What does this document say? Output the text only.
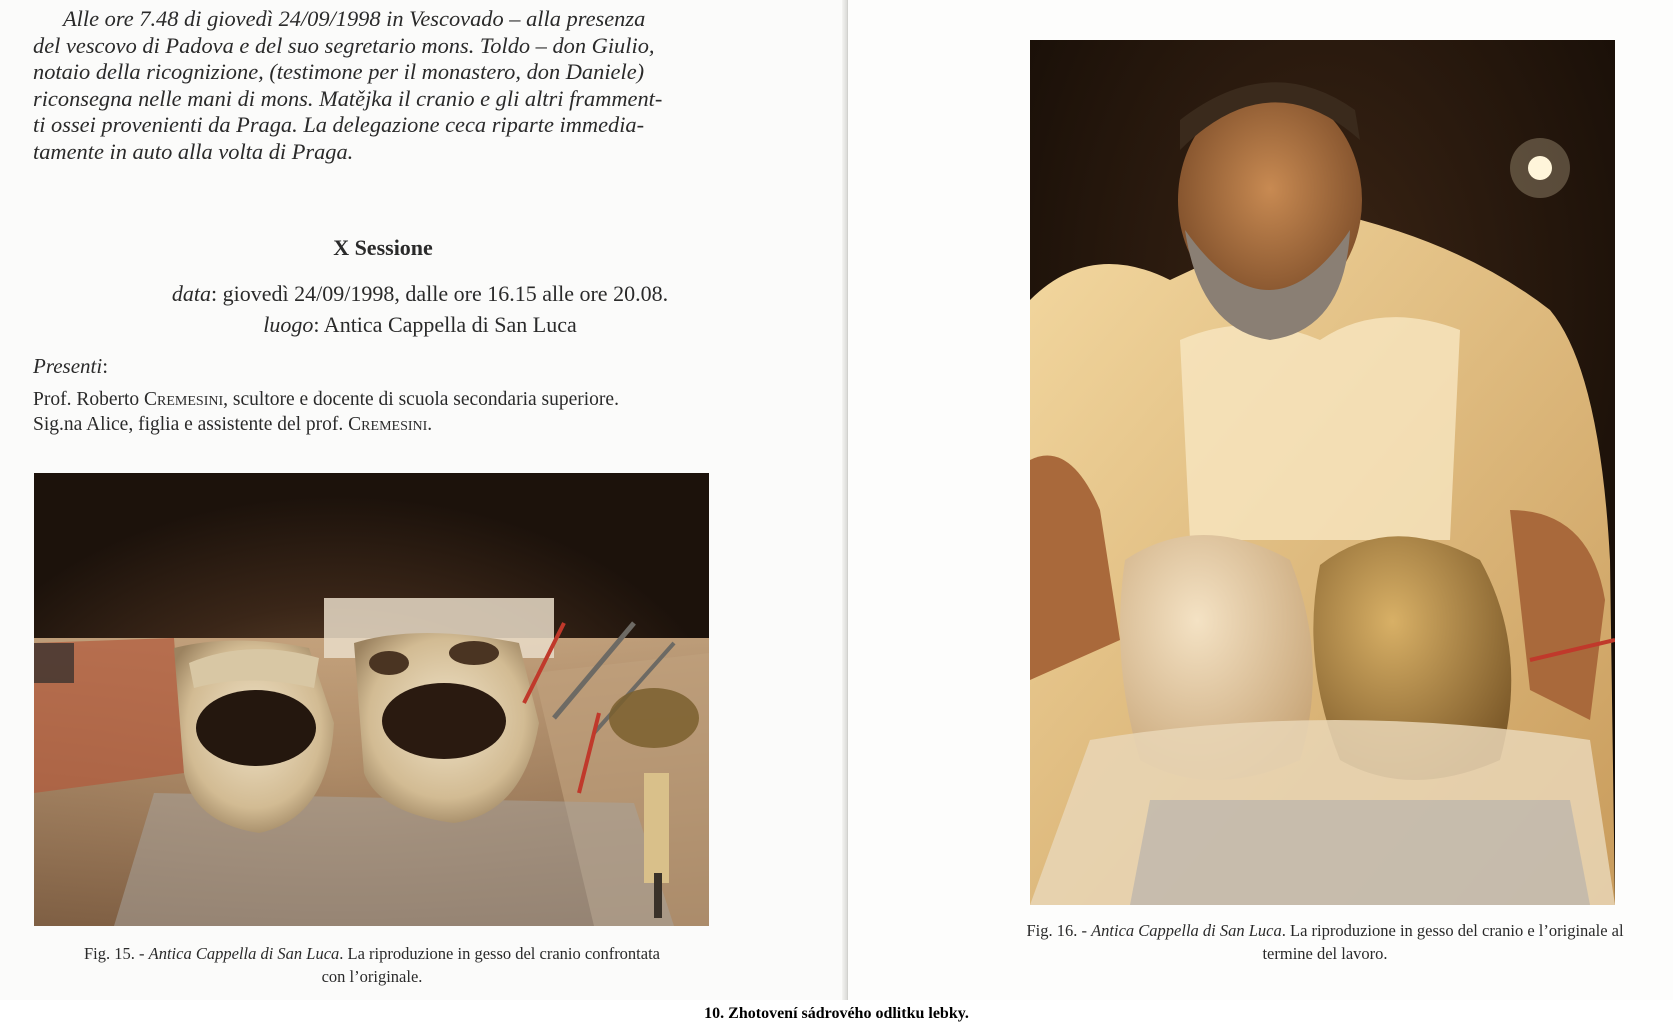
Alle ore 7.48 di giovedì 24/09/1998 in Vescovado – alla presenza
del vescovo di Padova e del suo segretario mons. Toldo – don Giulio,
notaio della ricognizione, (testimone per il monastero, don Daniele)
riconsegna nelle mani di mons. Matějka il cranio e gli altri framment-
ti ossei provenienti da Praga. La delegazione ceca riparte immedia-
tamente in auto alla volta di Praga.

X Sessione
data: giovedì 24/09/1998, dalle ore 16.15 alle ore 20.08.
luogo: Antica Cappella di San Luca
Presenti:
Prof. Roberto Cremesini, scultore e docente di scuola secondaria superiore.
Sig.na Alice, figlia e assistente del prof. Cremesini.

Fig. 15. - Antica Cappella di San Luca. La riproduzione in gesso del cranio confrontata
con l’originale.

Fig. 16. - Antica Cappella di San Luca. La riproduzione in gesso del cranio e l’originale al
termine del lavoro.

10. Zhotovení sádrového odlitku lebky.
